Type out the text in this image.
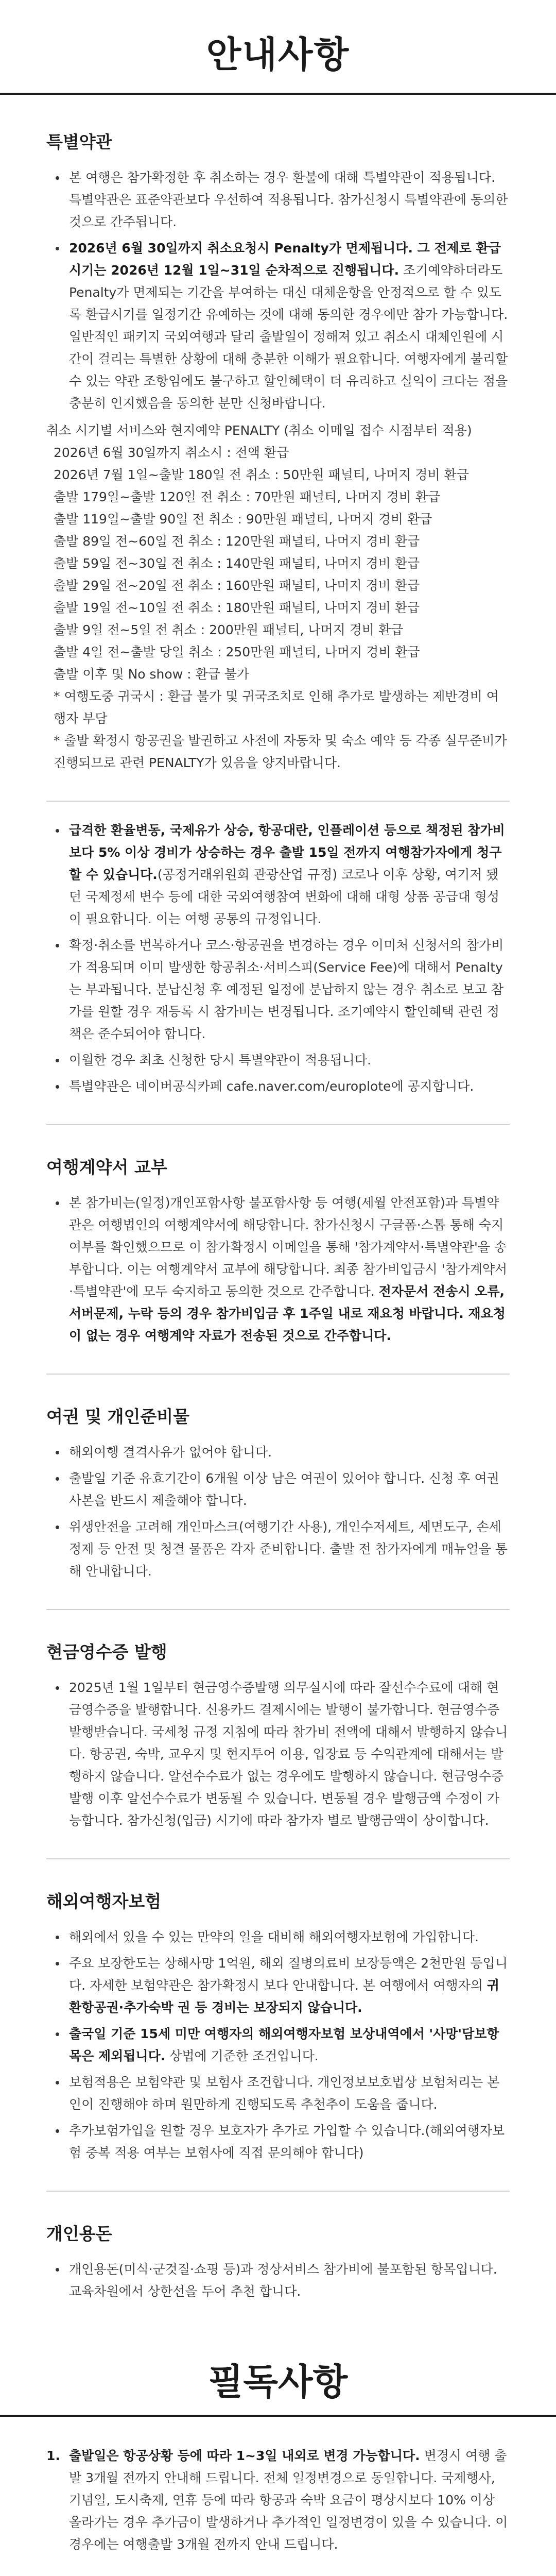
안내사항
특별약관
본 여행은 참가확정한 후 취소하는 경우 환불에 대해 특별약관이 적용됩니다. 특별약관은 표준약관보다 우선하여 적용됩니다. 참가신청시 특별약관에 동의한 것으로 간주됩니다.
2026년 6월 30일까지 취소요청시 Penalty가 면제됩니다. 그 전제로 환급시기는 2026년 12월 1일~31일 순차적으로 진행됩니다. 조기예약하더라도 Penalty가 면제되는 기간을 부여하는 대신 대체운항을 안정적으로 할 수 있도록 환급시기를 일정기간 유예하는 것에 대해 동의한 경우에만 참가 가능합니다. 일반적인 패키지 국외여행과 달리 출발일이 정해져 있고 취소시 대체인원에 시간이 걸리는 특별한 상황에 대해 충분한 이해가 필요합니다. 여행자에게 불리할 수 있는 약관 조항임에도 불구하고 할인혜택이 더 유리하고 실익이 크다는 점을 충분히 인지했음을 동의한 분만 신청바랍니다.
취소 시기별 서비스와 현지예약 PENALTY (취소 이메일 접수 시점부터 적용)
2026년 6월 30일까지 취소시 : 전액 환급
2026년 7월 1일~출발 180일 전 취소 : 50만원 패널티, 나머지 경비 환급
출발 179일~출발 120일 전 취소 : 70만원 패널티, 나머지 경비 환급
출발 119일~출발 90일 전 취소 : 90만원 패널티, 나머지 경비 환급
출발 89일 전~60일 전 취소 : 120만원 패널티, 나머지 경비 환급
출발 59일 전~30일 전 취소 : 140만원 패널티, 나머지 경비 환급
출발 29일 전~20일 전 취소 : 160만원 패널티, 나머지 경비 환급
출발 19일 전~10일 전 취소 : 180만원 패널티, 나머지 경비 환급
출발 9일 전~5일 전 취소 : 200만원 패널티, 나머지 경비 환급
출발 4일 전~출발 당일 취소 : 250만원 패널티, 나머지 경비 환급
출발 이후 및 No show : 환급 불가
* 여행도중 귀국시 : 환급 불가 및 귀국조치로 인해 추가로 발생하는 제반경비 여행자 부담
* 출발 확정시 항공권을 발권하고 사전에 자동차 및 숙소 예약 등 각종 실무준비가 진행되므로 관련 PENALTY가 있음을 양지바랍니다.
급격한 환율변동, 국제유가 상승, 항공대란, 인플레이션 등으로 책정된 참가비보다 5% 이상 경비가 상승하는 경우 출발 15일 전까지 여행참가자에게 청구할 수 있습니다.(공정거래위원회 관광산업 규정) 코로나 이후 상황, 여기저 됐던 국제정세 변수 등에 대한 국외여행참여 변화에 대해 대형 상품 공급대 형성이 필요합니다. 이는 여행 공통의 규정입니다.
확정·취소를 번복하거나 코스·항공권을 변경하는 경우 이미처 신청서의 참가비가 적용되며 이미 발생한 항공취소·서비스피(Service Fee)에 대해서 Penalty는 부과됩니다. 분납신청 후 예정된 일정에 분납하지 않는 경우 취소로 보고 참가를 원할 경우 재등록 시 참가비는 변경됩니다. 조기예약시 할인혜택 관련 정책은 준수되어야 합니다.
이월한 경우 최초 신청한 당시 특별약관이 적용됩니다.
특별약관은 네이버공식카페 cafe.naver.com/europlote에 공지합니다.
여행계약서 교부
본 참가비는(일정)개인포함사항 불포함사항 등 여행(세월 안전포함)과 특별약관은 여행법인의 여행계약서에 해당합니다. 참가신청시 구글폼·스톱 통해 숙지여부를 확인했으므로 이 참가확정시 이메일을 통해 '참가계약서·특별약관'을 송부합니다. 이는 여행계약서 교부에 해당합니다. 최종 참가비입금시 '참가계약서·특별약관'에 모두 숙지하고 동의한 것으로 간주합니다. 전자문서 전송시 오류, 서버문제, 누락 등의 경우 참가비입금 후 1주일 내로 재요청 바랍니다. 재요청이 없는 경우 여행계약 자료가 전송된 것으로 간주합니다.
여권 및 개인준비물
해외여행 결격사유가 없어야 합니다.
출발일 기준 유효기간이 6개월 이상 남은 여권이 있어야 합니다. 신청 후 여권사본을 반드시 제출해야 합니다.
위생안전을 고려해 개인마스크(여행기간 사용), 개인수저세트, 세면도구, 손세정제 등 안전 및 청결 물품은 각자 준비합니다. 출발 전 참가자에게 매뉴얼을 통해 안내합니다.
현금영수증 발행
2025년 1월 1일부터 현금영수증발행 의무실시에 따라 잘선수수료에 대해 현금영수증을 발행합니다. 신용카드 결제시에는 발행이 불가합니다. 현금영수증 발행받습니다. 국세청 규정 지침에 따라 참가비 전액에 대해서 발행하지 않습니다. 항공권, 숙박, 교우지 및 현지투어 이용, 입장료 등 수익관계에 대해서는 발행하지 않습니다. 알선수수료가 없는 경우에도 발행하지 않습니다. 현금영수증 발행 이후 알선수수료가 변동될 수 있습니다. 변동될 경우 발행금액 수정이 가능합니다. 참가신청(입금) 시기에 따라 참가자 별로 발행금액이 상이합니다.
해외여행자보험
해외에서 있을 수 있는 만약의 일을 대비해 해외여행자보험에 가입합니다.
주요 보장한도는 상해사망 1억원, 해외 질병의료비 보장등액은 2천만원 등입니다. 자세한 보험약관은 참가확정시 보다 안내합니다. 본 여행에서 여행자의 귀환항공권·추가숙박 권 등 경비는 보장되지 않습니다.
출국일 기준 15세 미만 여행자의 해외여행자보험 보상내역에서 '사망'담보항목은 제외됩니다. 상법에 기준한 조건입니다.
보험적용은 보험약관 및 보험사 조건합니다. 개인정보보호법상 보험처리는 본인이 진행해야 하며 원만하게 진행되도록 추천추이 도움을 줍니다.
추가보험가입을 원할 경우 보호자가 추가로 가입할 수 있습니다.(해외여행자보험 중복 적용 여부는 보험사에 직접 문의해야 합니다)
개인용돈
개인용돈(미식·군것질·쇼핑 등)과 정상서비스 참가비에 불포함된 항목입니다. 교육차원에서 상한선을 두어 추천 합니다.
필독사항
1. 출발일은 항공상황 등에 따라 1~3일 내외로 변경 가능합니다. 변경시 여행 출발 3개월 전까지 안내해 드립니다. 전체 일정변경으로 동일합니다. 국제행사, 기념일, 도시축제, 연휴 등에 따라 항공과 숙박 요금이 평상시보다 10% 이상 올라가는 경우 추가금이 발생하거나 추가적인 일정변경이 있을 수 있습니다. 이 경우에는 여행출발 3개월 전까지 안내 드립니다.
